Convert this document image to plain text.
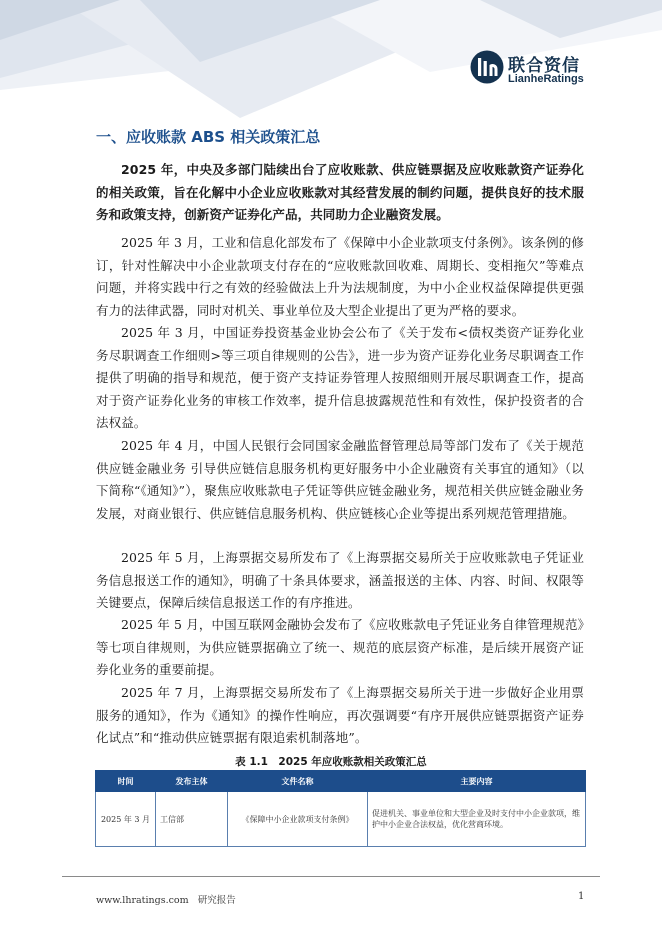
联合资信
LianheRatings
一、应收账款 ABS 相关政策汇总

2025 年，中央及多部门陆续出台了应收账款、供应链票据及应收账款资产证券化的相关政策，旨在化解中小企业应收账款对其经营发展的制约问题，提供良好的技术服务和政策支持，创新资产证券化产品，共同助力企业融资发展。

2025 年 3 月，工业和信息化部发布了《保障中小企业款项支付条例》。该条例的修订，针对性解决中小企业款项支付存在的“应收账款回收难、周期长、变相拖欠”等难点问题，并将实践中行之有效的经验做法上升为法规制度，为中小企业权益保障提供更强有力的法律武器，同时对机关、事业单位及大型企业提出了更为严格的要求。

2025 年 3 月，中国证券投资基金业协会公布了《关于发布<债权类资产证券化业务尽职调查工作细则>等三项自律规则的公告》，进一步为资产证券化业务尽职调查工作提供了明确的指导和规范，便于资产支持证券管理人按照细则开展尽职调查工作，提高对于资产证券化业务的审核工作效率，提升信息披露规范性和有效性，保护投资者的合法权益。

2025 年 4 月，中国人民银行会同国家金融监督管理总局等部门发布了《关于规范供应链金融业务 引导供应链信息服务机构更好服务中小企业融资有关事宜的通知》（以下简称“《通知》”），聚焦应收账款电子凭证等供应链金融业务，规范相关供应链金融业务发展，对商业银行、供应链信息服务机构、供应链核心企业等提出系列规范管理措施。

2025 年 5 月，上海票据交易所发布了《上海票据交易所关于应收账款电子凭证业务信息报送工作的通知》，明确了十条具体要求，涵盖报送的主体、内容、时间、权限等关键要点，保障后续信息报送工作的有序推进。

2025 年 5 月，中国互联网金融协会发布了《应收账款电子凭证业务自律管理规范》等七项自律规则，为供应链票据确立了统一、规范的底层资产标准，是后续开展资产证券化业务的重要前提。

2025 年 7 月，上海票据交易所发布了《上海票据交易所关于进一步做好企业用票服务的通知》，作为《通知》的操作性响应，再次强调要“有序开展供应链票据资产证券化试点”和“推动供应链票据有限追索机制落地”。

表 1.1　2025 年应收账款相关政策汇总
时间	发布主体	文件名称	主要内容
2025 年 3 月	工信部	《保障中小企业款项支付条例》	促进机关、事业单位和大型企业及时支付中小企业款项，维护中小企业合法权益，优化营商环境。
www.lhratings.com 研究报告	1
